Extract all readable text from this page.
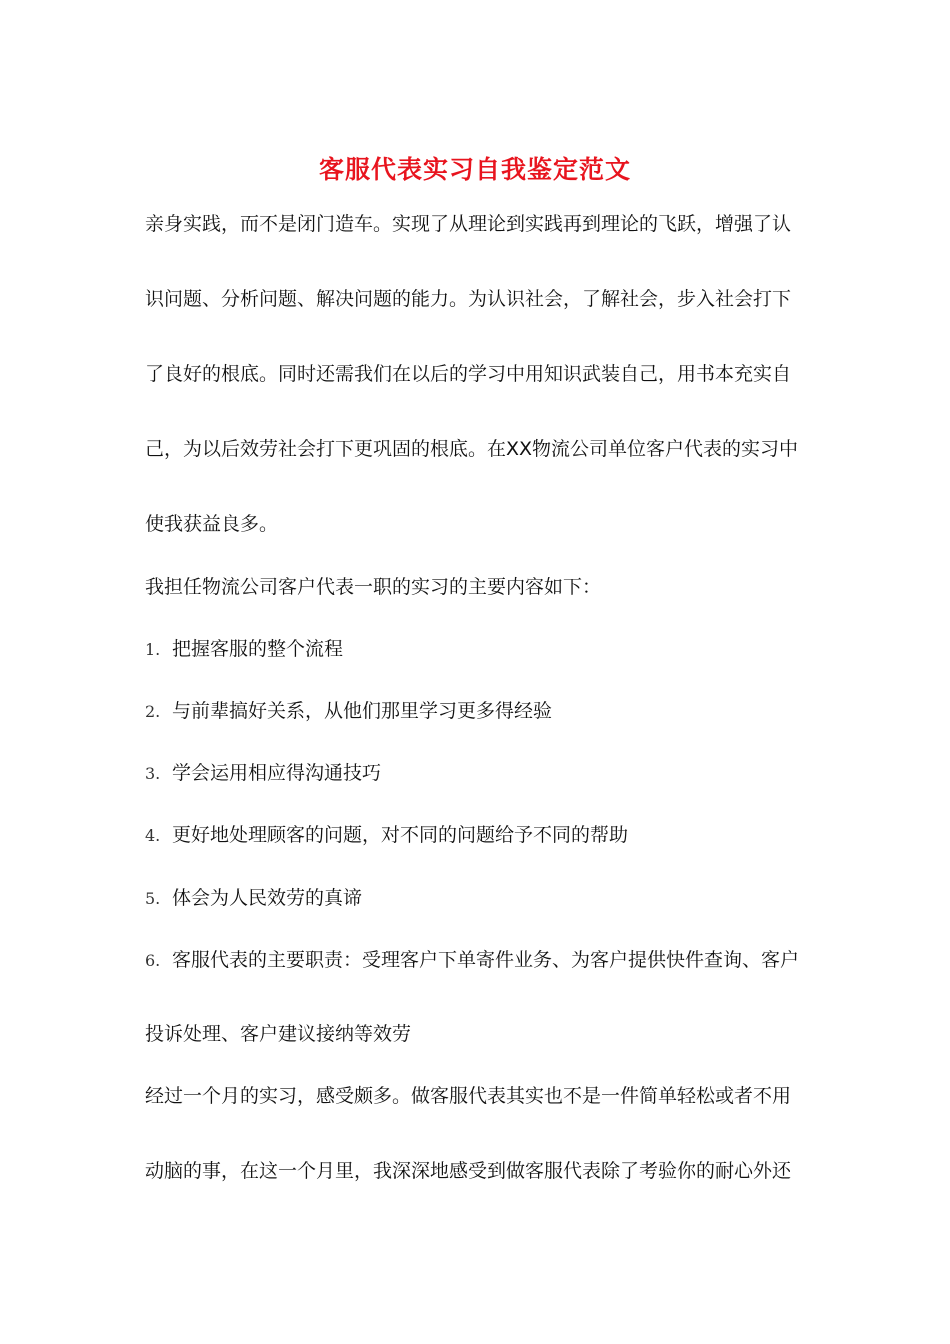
客服代表实习自我鉴定范文
亲身实践，而不是闭门造车。实现了从理论到实践再到理论的飞跃，增强了认
识问题、分析问题、解决问题的能力。为认识社会，了解社会，步入社会打下
了良好的根底。同时还需我们在以后的学习中用知识武装自己，用书本充实自
己，为以后效劳社会打下更巩固的根底。在XX物流公司单位客户代表的实习中
使我获益良多。
我担任物流公司客户代表一职的实习的主要内容如下：
1. 把握客服的整个流程
2. 与前辈搞好关系，从他们那里学习更多得经验
3. 学会运用相应得沟通技巧
4. 更好地处理顾客的问题，对不同的问题给予不同的帮助
5. 体会为人民效劳的真谛
6. 客服代表的主要职责：受理客户下单寄件业务、为客户提供快件查询、客户
投诉处理、客户建议接纳等效劳
经过一个月的实习，感受颇多。做客服代表其实也不是一件简单轻松或者不用
动脑的事，在这一个月里，我深深地感受到做客服代表除了考验你的耐心外还
